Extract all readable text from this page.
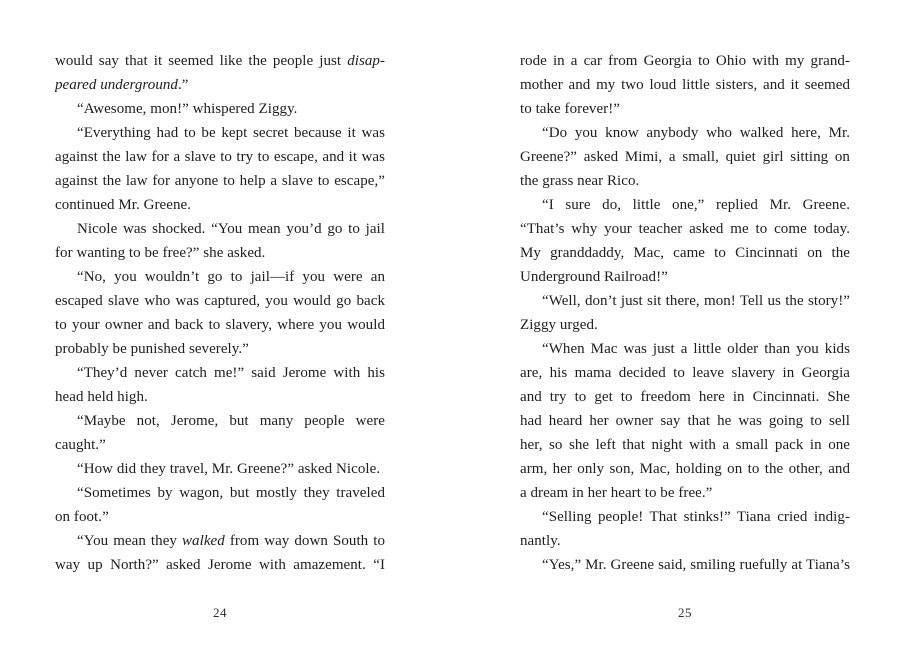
would say that it seemed like the people just disap-
peared underground.”
“Awesome, mon!” whispered Ziggy.
“Everything had to be kept secret because it was
against the law for a slave to try to escape, and it was
against the law for anyone to help a slave to escape,”
continued Mr. Greene.
Nicole was shocked. “You mean you’d go to jail
for wanting to be free?” she asked.
“No, you wouldn’t go to jail—if you were an
escaped slave who was captured, you would go back
to your owner and back to slavery, where you would
probably be punished severely.”
“They’d never catch me!” said Jerome with his
head held high.
“Maybe not, Jerome, but many people were
caught.”
“How did they travel, Mr. Greene?” asked Nicole.
“Sometimes by wagon, but mostly they traveled
on foot.”
“You mean they walked from way down South to
way up North?” asked Jerome with amazement. “I
24
rode in a car from Georgia to Ohio with my grand-
mother and my two loud little sisters, and it seemed
to take forever!”
“Do you know anybody who walked here, Mr.
Greene?” asked Mimi, a small, quiet girl sitting on
the grass near Rico.
“I sure do, little one,” replied Mr. Greene.
“That’s why your teacher asked me to come today.
My granddaddy, Mac, came to Cincinnati on the
Underground Railroad!”
“Well, don’t just sit there, mon! Tell us the story!”
Ziggy urged.
“When Mac was just a little older than you kids
are, his mama decided to leave slavery in Georgia
and try to get to freedom here in Cincinnati. She
had heard her owner say that he was going to sell
her, so she left that night with a small pack in one
arm, her only son, Mac, holding on to the other, and
a dream in her heart to be free.”
“Selling people! That stinks!” Tiana cried indig-
nantly.
“Yes,” Mr. Greene said, smiling ruefully at Tiana’s
25
